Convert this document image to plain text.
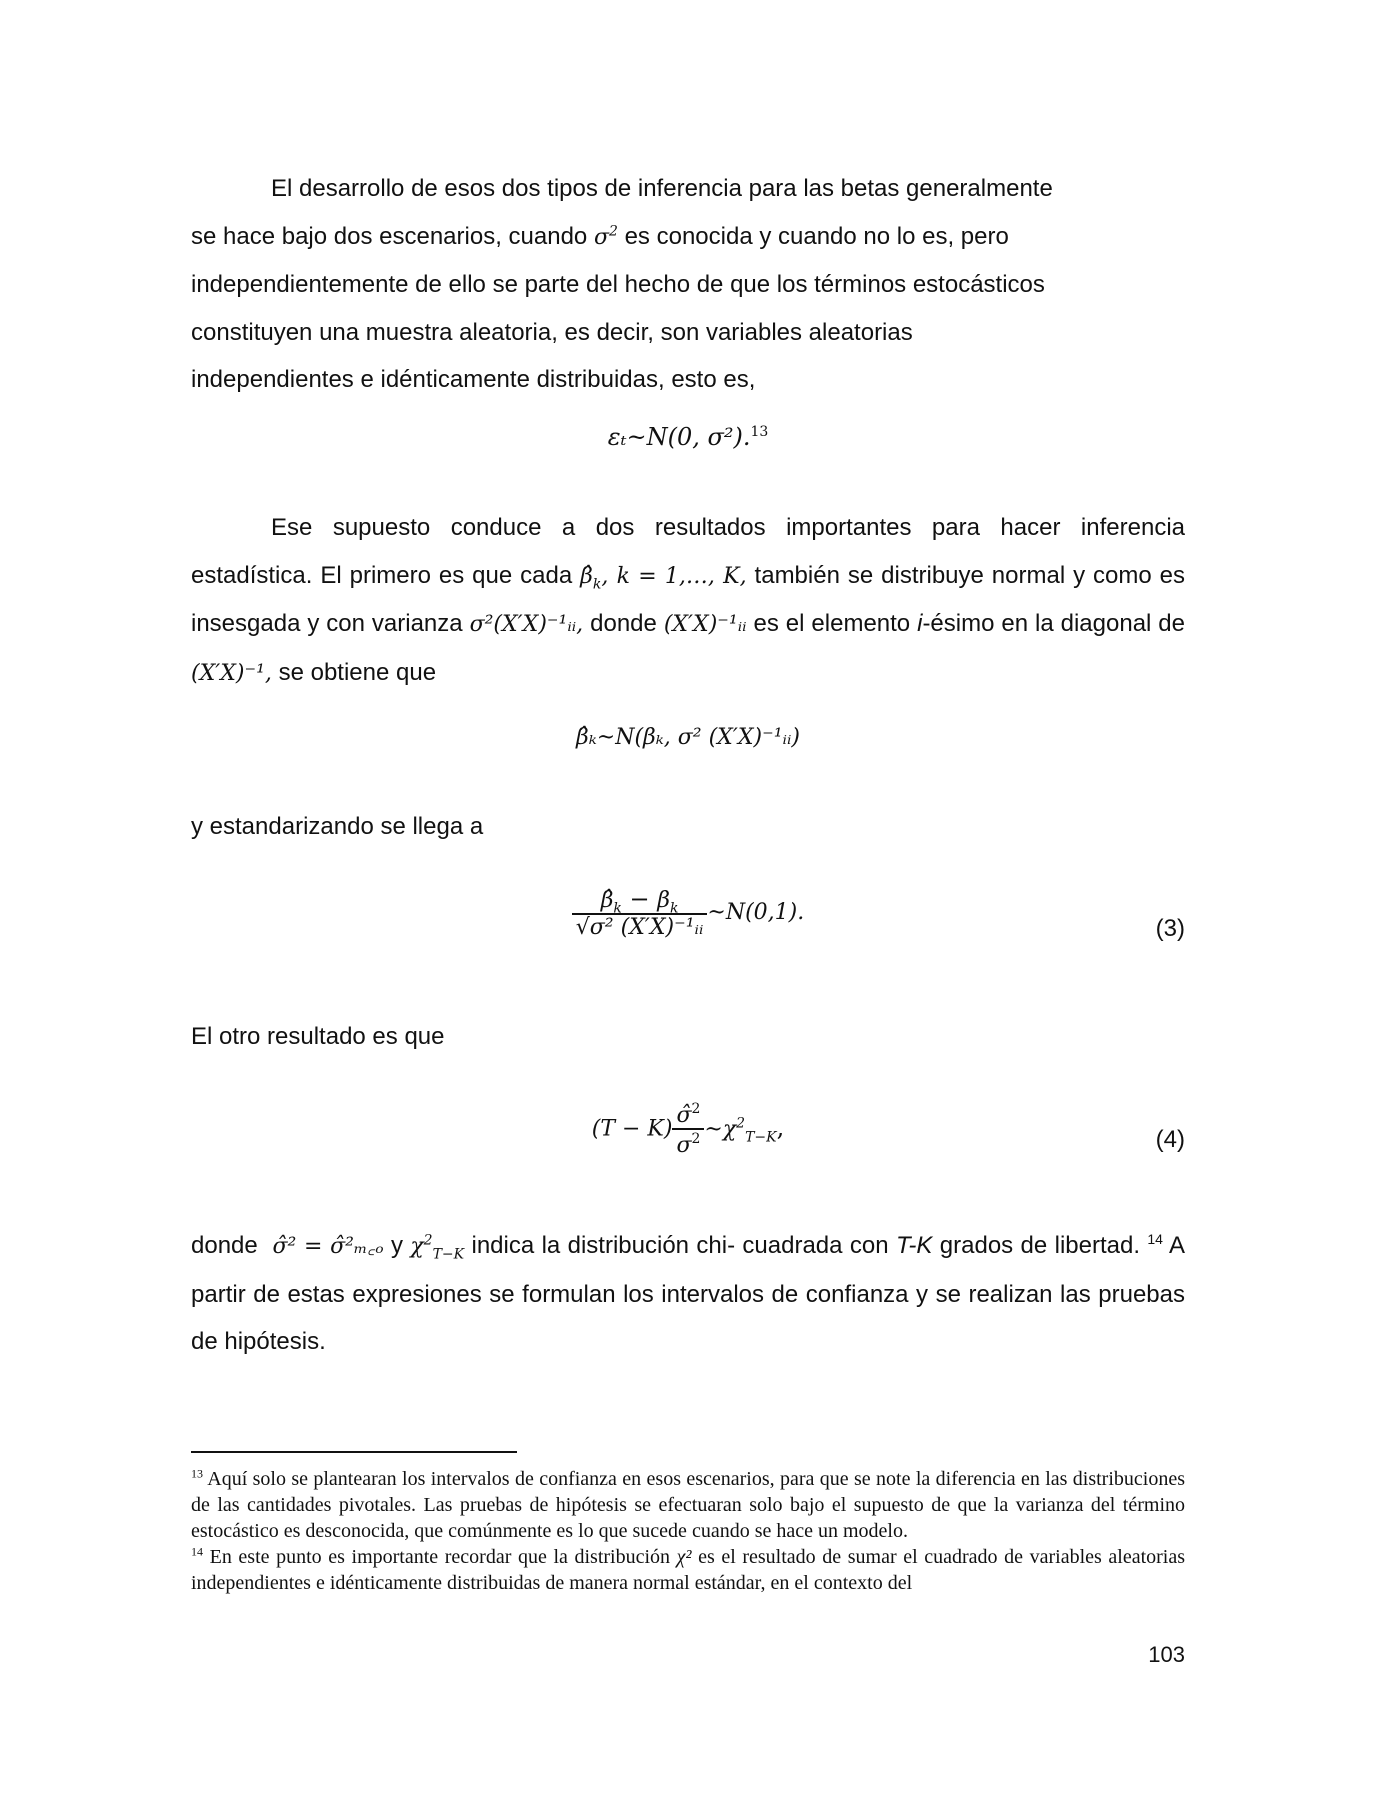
El desarrollo de esos dos tipos de inferencia para las betas generalmente
se hace bajo dos escenarios, cuando $\sigma^2$ es conocida y cuando no lo es, pero
independientemente de ello se parte del hecho de que los términos estocásticos
constituyen una muestra aleatoria, es decir, son variables aleatorias
independientes e idénticamente distribuidas, esto es,
εₜ~N(0, σ²).$^{13}$
Ese supuesto conduce a dos resultados importantes para hacer inferencia estadística. El primero es que cada $\betâ_k$, k = 1,…, K, también se distribuye normal y como es insesgada y con varianza σ²(X′X)⁻¹ᵢᵢ, donde (X′X)⁻¹ᵢᵢ es el elemento i-ésimo en la diagonal de (X′X)⁻¹, se obtiene que
β̂ₖ~N(βₖ, σ² (X′X)⁻¹ᵢᵢ)
y estandarizando se llega a
$\frac{\betâ_k - \beta_k}{\text{√σ² (X′X)⁻¹ᵢᵢ}}$ ~N(0,1).
(3)
El otro resultado es que
$(T - K) \frac{\sigmâ^2}{\sigma^2}$ $\sim\chi^2_{T-K}$,	(4)
donde σ̂² = σ̂²ₘ꜀ₒ y $\chi^2_{T-K}$ indica la distribución chi- cuadrada con T-K grados de libertad. $^{14}$ A partir de estas expresiones se formulan los intervalos de confianza y se realizan las pruebas de hipótesis.
$^{13}$ Aquí solo se plantearan los intervalos de confianza en esos escenarios, para que se note la diferencia en las distribuciones de las cantidades pivotales. Las pruebas de hipótesis se efectuaran solo bajo el supuesto de que la varianza del término estocástico es desconocida, que comúnmente es lo que sucede cuando se hace un modelo.
$^{14}$ En este punto es importante recordar que la distribución χ² es el resultado de sumar el cuadrado de variables aleatorias independientes e idénticamente distribuidas de manera normal estándar, en el contexto del
103
